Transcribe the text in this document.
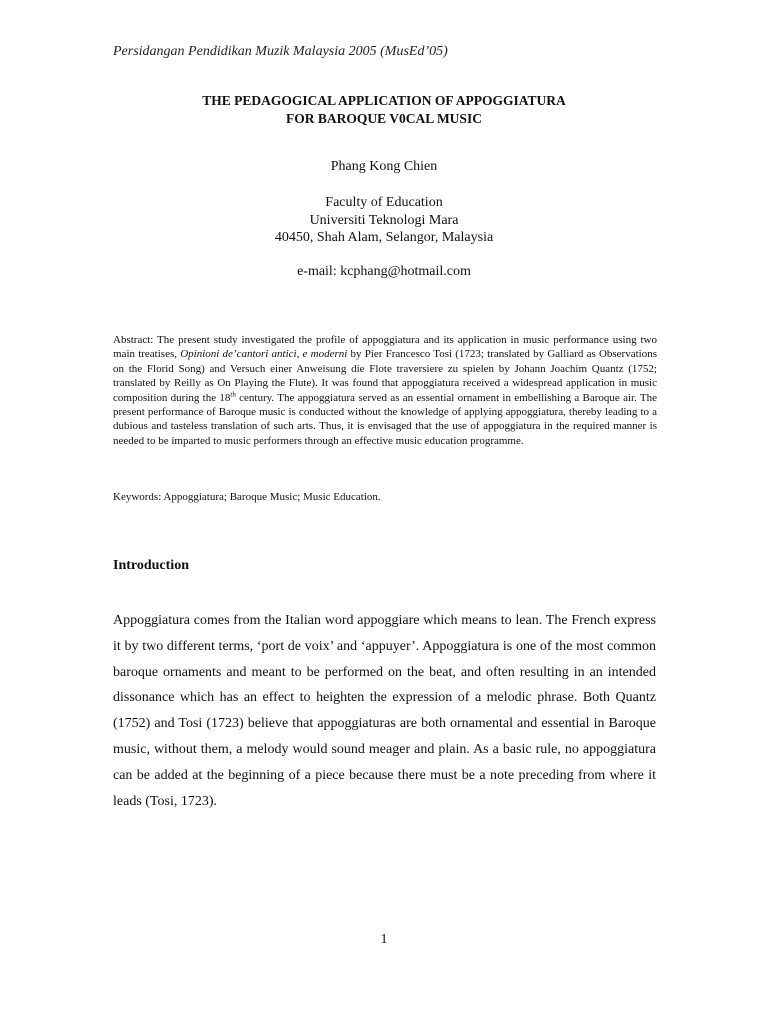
Persidangan Pendidikan Muzik Malaysia 2005 (MusEd’05)
THE PEDAGOGICAL APPLICATION OF APPOGGIATURA
FOR BAROQUE V0CAL MUSIC
Phang Kong Chien
Faculty of Education
Universiti Teknologi Mara
40450, Shah Alam, Selangor, Malaysia
e-mail: kcphang@hotmail.com
Abstract: The present study investigated the profile of appoggiatura and its application in music performance using two main treatises, Opinioni de’cantori antici, e moderni by Pier Francesco Tosi (1723; translated by Galliard as Observations on the Florid Song) and Versuch einer Anweisung die Flote traversiere zu spielen by Johann Joachim Quantz (1752; translated by Reilly as On Playing the Flute). It was found that appoggiatura received a widespread application in music composition during the 18th century. The appoggiatura served as an essential ornament in embellishing a Baroque air. The present performance of Baroque music is conducted without the knowledge of applying appoggiatura, thereby leading to a dubious and tasteless translation of such arts. Thus, it is envisaged that the use of appoggiatura in the required manner is needed to be imparted to music performers through an effective music education programme.
Keywords: Appoggiatura; Baroque Music; Music Education.
Introduction
Appoggiatura comes from the Italian word appoggiare which means to lean. The French express it by two different terms, ‘port de voix’ and ‘appuyer’. Appoggiatura is one of the most common baroque ornaments and meant to be performed on the beat, and often resulting in an intended dissonance which has an effect to heighten the expression of a melodic phrase. Both Quantz (1752) and Tosi (1723) believe that appoggiaturas are both ornamental and essential in Baroque music, without them, a melody would sound meager and plain. As a basic rule, no appoggiatura can be added at the beginning of a piece because there must be a note preceding from where it leads (Tosi, 1723).
1
